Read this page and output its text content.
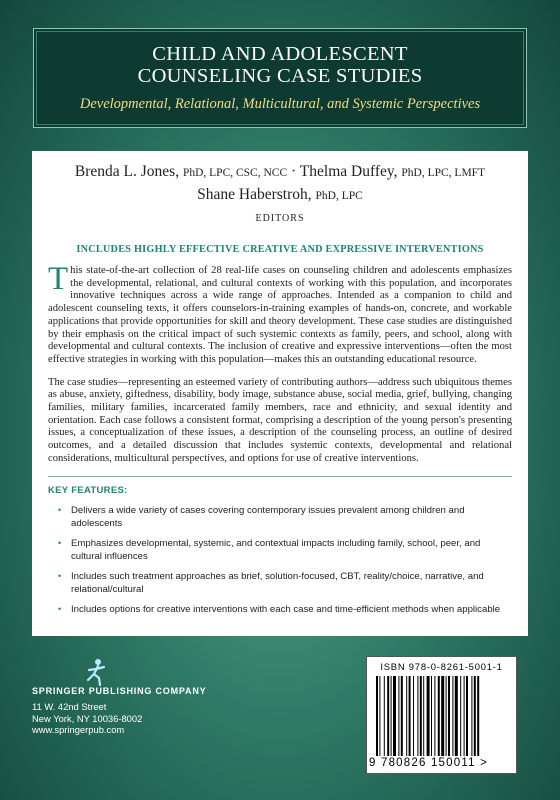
CHILD AND ADOLESCENT
COUNSELING CASE STUDIES
Developmental, Relational, Multicultural, and Systemic Perspectives
Brenda L. Jones, PhD, LPC, CSC, NCC · Thelma Duffey, PhD, LPC, LMFT
Shane Haberstroh, PhD, LPC
EDITORS
INCLUDES HIGHLY EFFECTIVE CREATIVE AND EXPRESSIVE INTERVENTIONS

This state-of-the-art collection of 28 real-life cases on counseling children and adolescents emphasizes the developmental, relational, and cultural contexts of working with this population, and incorporates innovative techniques across a wide range of approaches. Intended as a companion to child and adolescent counseling texts, it offers counselors-in-training examples of hands-on, concrete, and workable applications that provide opportunities for skill and theory development. These case studies are distinguished by their emphasis on the critical impact of such systemic contexts as family, peers, and school, along with developmental and cultural contexts. The inclusion of creative and expressive interventions—often the most effective strategies in working with this population—makes this an outstanding educational resource.

The case studies—representing an esteemed variety of contributing authors—address such ubiquitous themes as abuse, anxiety, giftedness, disability, body image, substance abuse, social media, grief, bullying, changing families, military families, incarcerated family members, race and ethnicity, and sexual identity and orientation. Each case follows a consistent format, comprising a description of the young person's presenting issues, a conceptualization of these issues, a description of the counseling process, an outline of desired outcomes, and a detailed discussion that includes systemic contexts, developmental and relational considerations, multicultural perspectives, and options for use of creative interventions.

KEY FEATURES:
• Delivers a wide variety of cases covering contemporary issues prevalent among children and adolescents
• Emphasizes developmental, systemic, and contextual impacts including family, school, peer, and cultural influences
• Includes such treatment approaches as brief, solution-focused, CBT, reality/choice, narrative, and relational/cultural
• Includes options for creative interventions with each case and time-efficient methods when applicable
SPRINGER PUBLISHING COMPANY
11 W. 42nd Street
New York, NY 10036-8002
www.springerpub.com
ISBN 978-0-8261-5001-1
9 780826 150011 >
